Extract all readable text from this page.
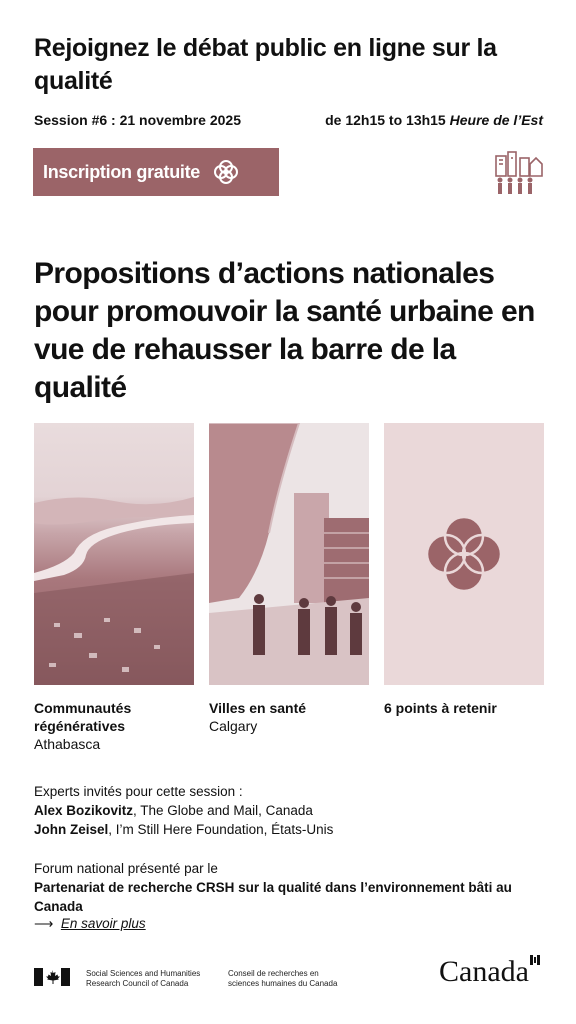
Rejoignez le débat public en ligne sur la qualité
Session #6 : 21 novembre 2025	de 12h15 to 13h15 Heure de l’Est
Inscription gratuite
Propositions d’actions nationales pour promouvoir la santé urbaine en vue de rehausser la barre de la qualité
Communautés régénératives
Athabasca
Villes en santé
Calgary
6 points à retenir
Experts invités pour cette session :
Alex Bozikovitz, The Globe and Mail, Canada
John Zeisel, I’m Still Here Foundation, États-Unis
Forum national présenté par le
Partenariat de recherche CRSH sur la qualité dans l’environnement bâti au Canada
⟶  En savoir plus
Social Sciences and Humanities
Research Council of Canada
Conseil de recherches en
sciences humaines du Canada	Canada
